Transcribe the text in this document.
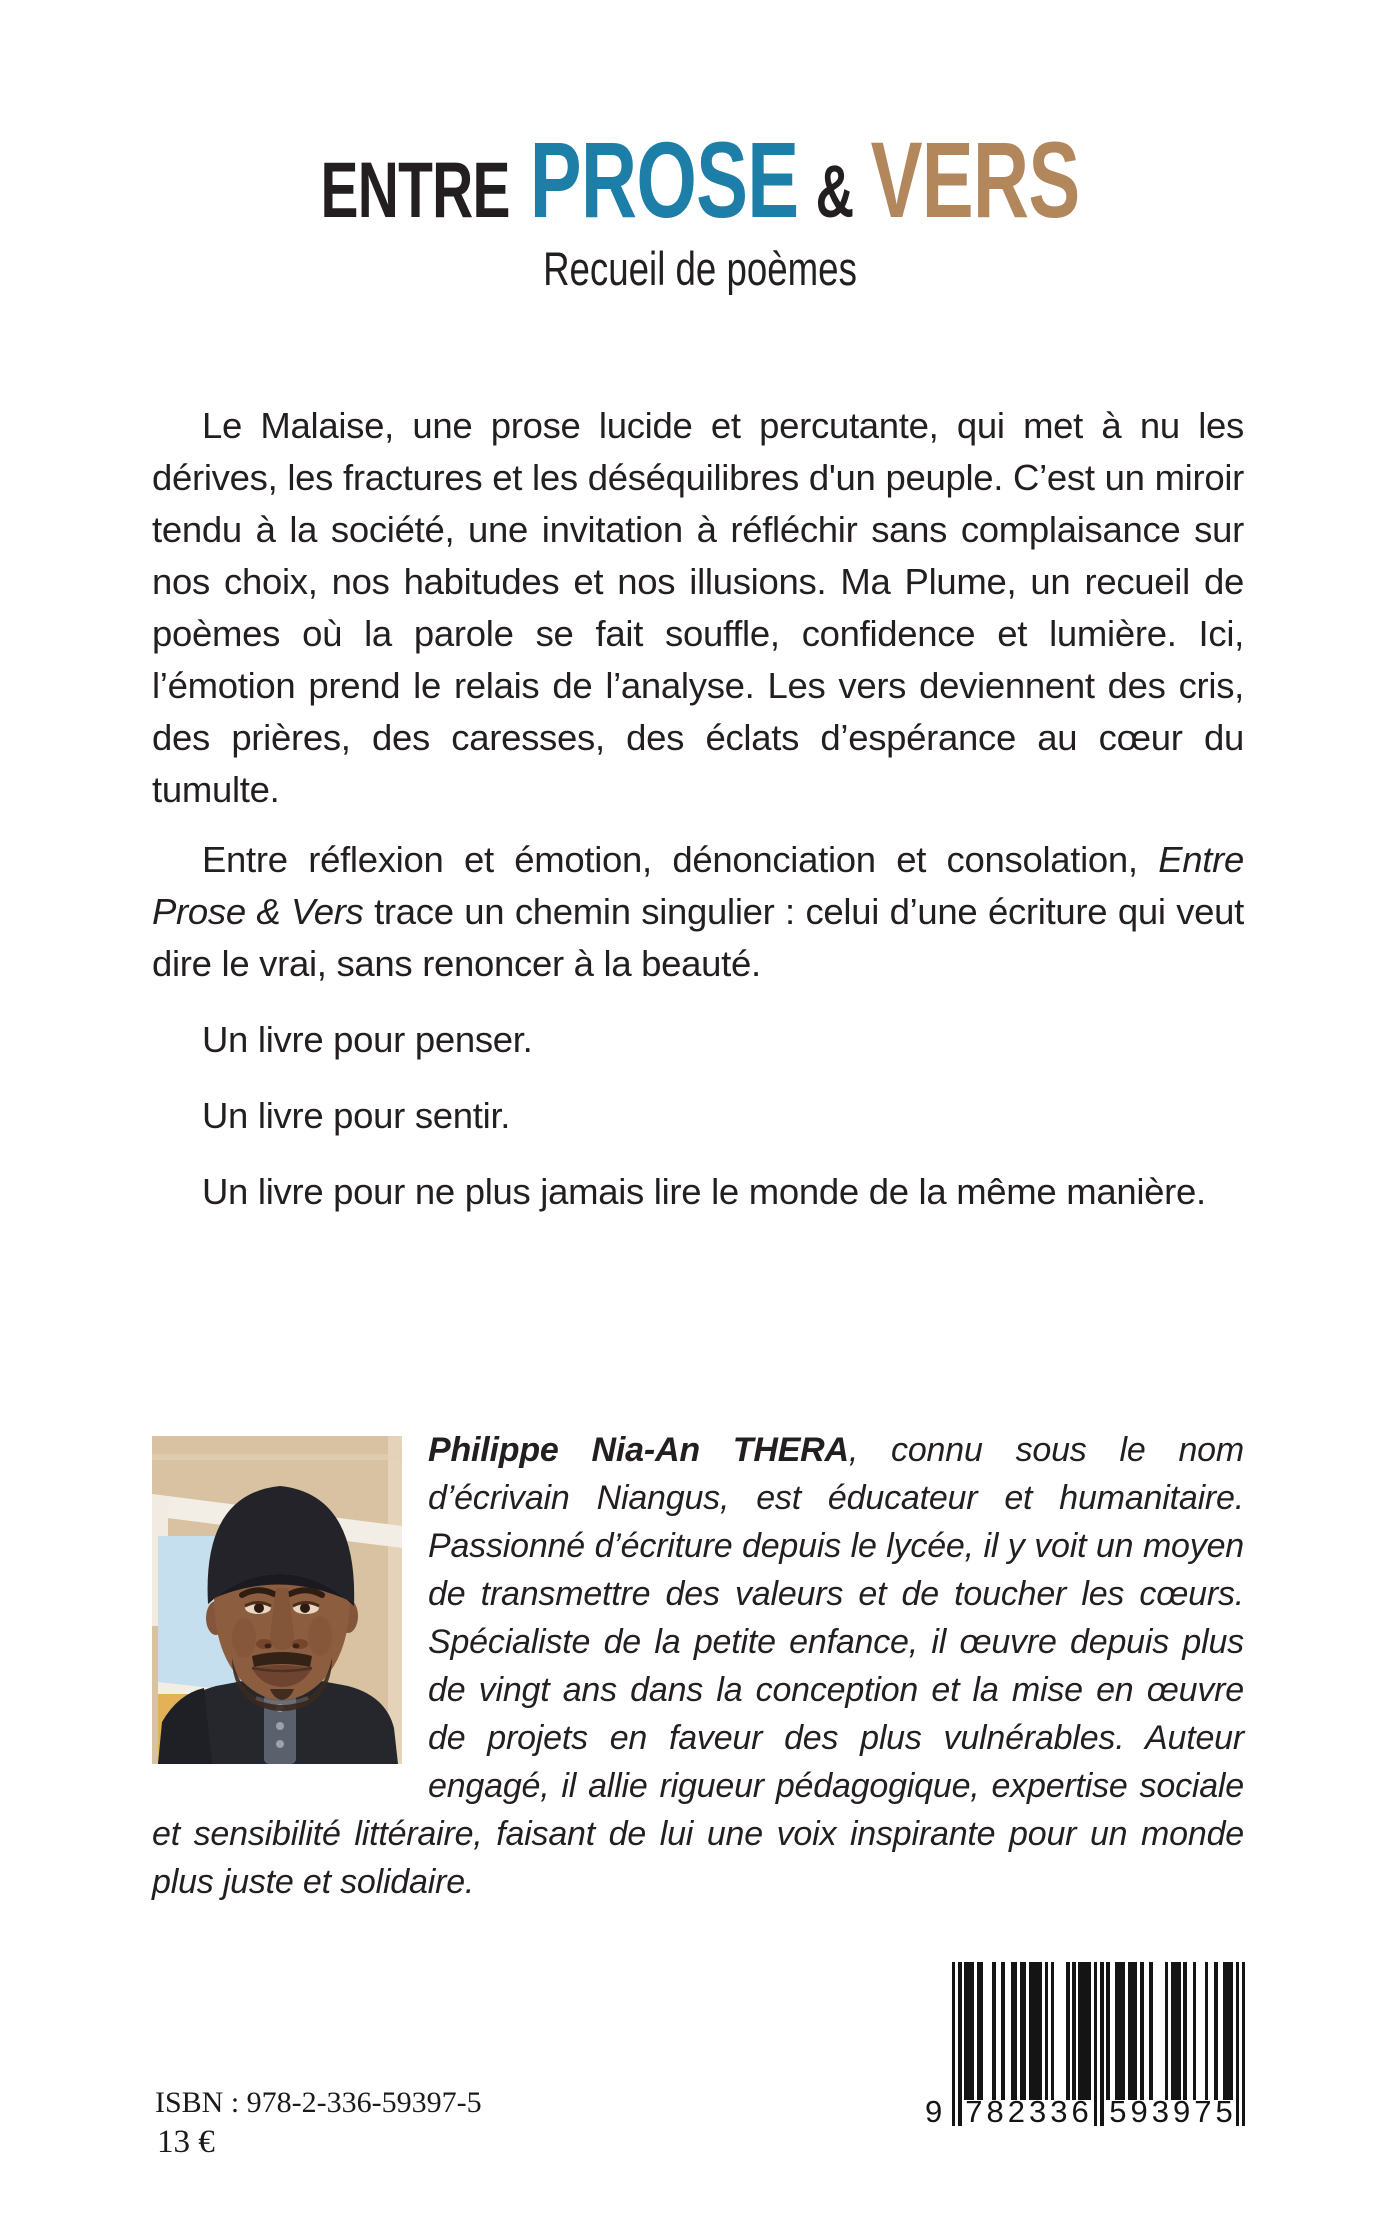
ENTRE PROSE & VERS
Recueil de poèmes

Le Malaise, une prose lucide et percutante, qui met à nu les dérives, les fractures et les déséquilibres d'un peuple. C’est un miroir tendu à la société, une invitation à réfléchir sans complaisance sur nos choix, nos habitudes et nos illusions. Ma Plume, un recueil de poèmes où la parole se fait souffle, confidence et lumière. Ici, l’émotion prend le relais de l’analyse. Les vers deviennent des cris, des prières, des caresses, des éclats d’espérance au cœur du tumulte.

Entre réflexion et émotion, dénonciation et consolation, Entre Prose & Vers trace un chemin singulier : celui d’une écriture qui veut dire le vrai, sans renoncer à la beauté.

Un livre pour penser.

Un livre pour sentir.

Un livre pour ne plus jamais lire le monde de la même manière.

Philippe Nia-An THERA, connu sous le nom d’écrivain Niangus, est éducateur et humanitaire. Passionné d’écriture depuis le lycée, il y voit un moyen de transmettre des valeurs et de toucher les cœurs. Spécialiste de la petite enfance, il œuvre depuis plus de vingt ans dans la conception et la mise en œuvre de projets en faveur des plus vulnérables. Auteur engagé, il allie rigueur pédagogique, expertise sociale et sensibilité littéraire, faisant de lui une voix inspirante pour un monde plus juste et solidaire.

ISBN : 978-2-336-59397-5
13 €
9 782336 593975
